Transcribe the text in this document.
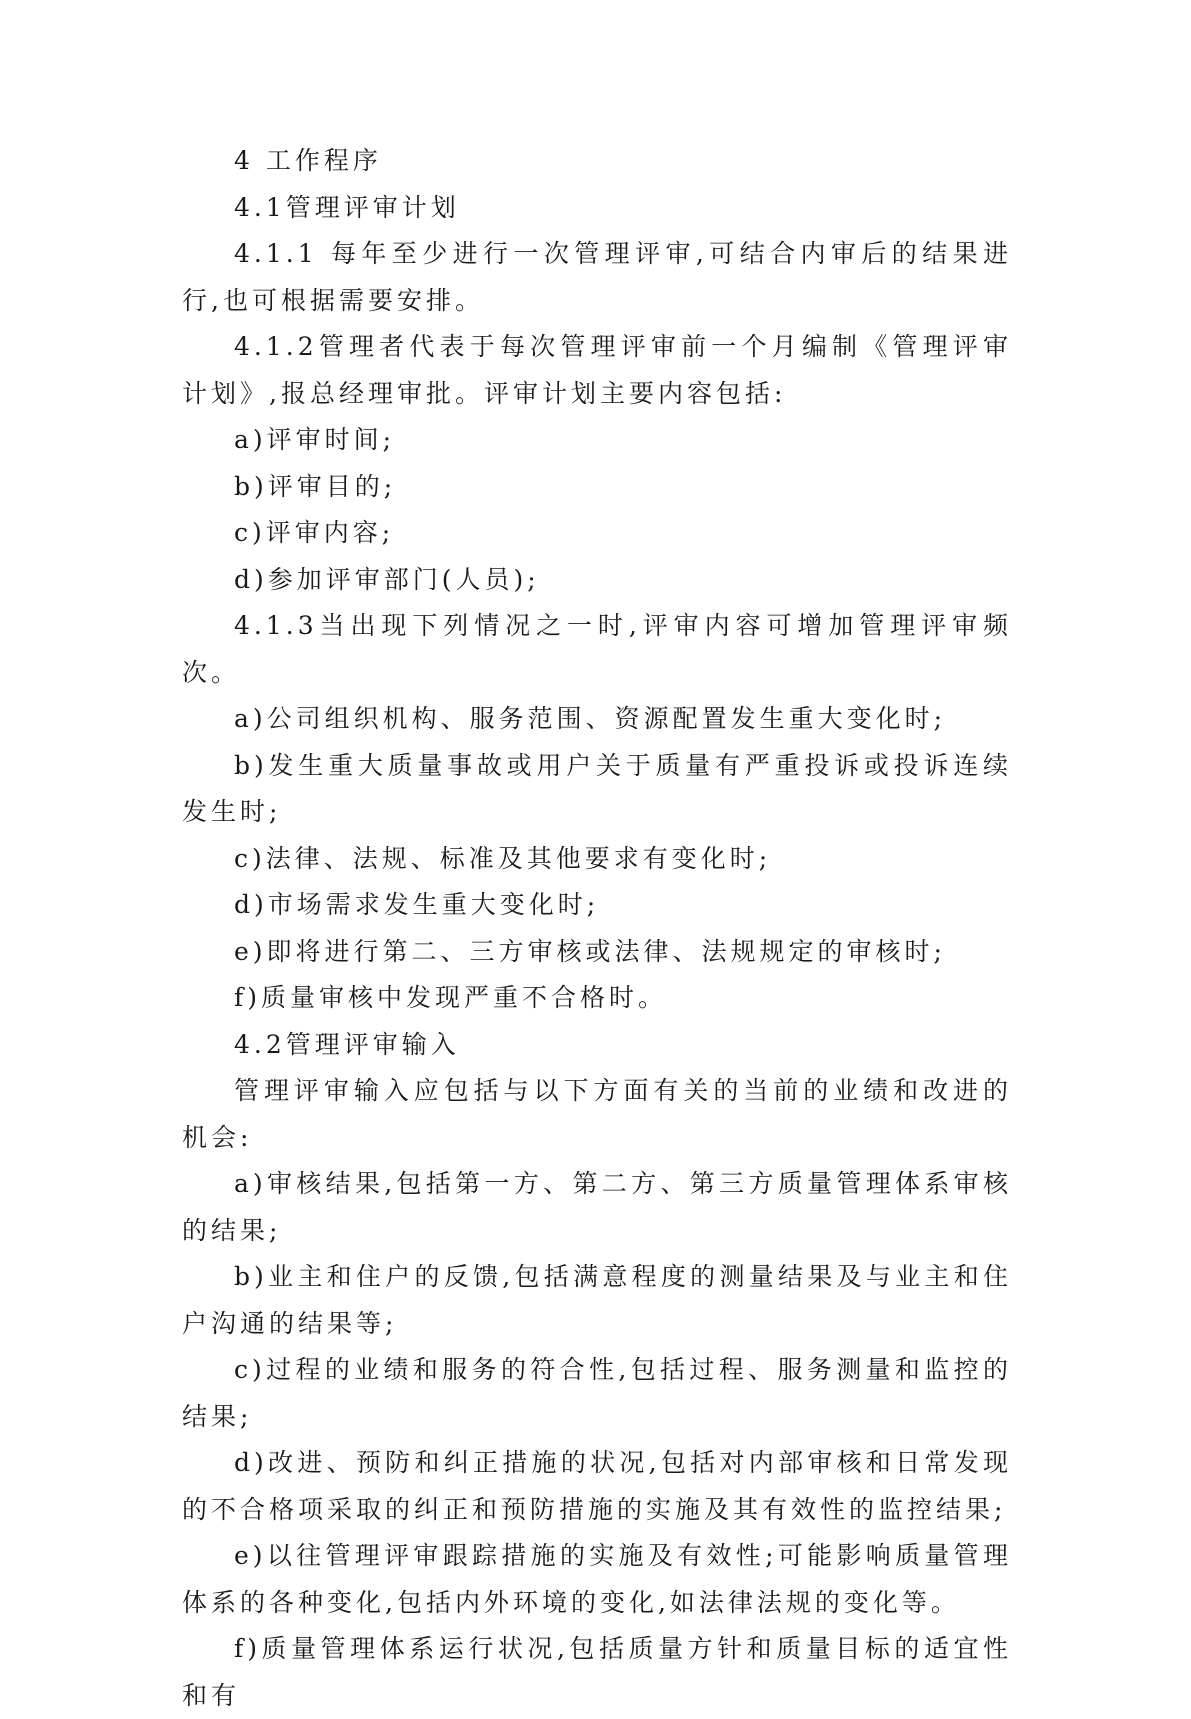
4 工作程序

4.1管理评审计划

4.1.1 每年至少进行一次管理评审,可结合内审后的结果进行,也可根据需要安排。

4.1.2管理者代表于每次管理评审前一个月编制《管理评审计划》,报总经理审批。评审计划主要内容包括:

a)评审时间;

b)评审目的;

c)评审内容;

d)参加评审部门(人员);

4.1.3当出现下列情况之一时,评审内容可增加管理评审频次。

a)公司组织机构、服务范围、资源配置发生重大变化时;

b)发生重大质量事故或用户关于质量有严重投诉或投诉连续发生时;

c)法律、法规、标准及其他要求有变化时;

d)市场需求发生重大变化时;

e)即将进行第二、三方审核或法律、法规规定的审核时;

f)质量审核中发现严重不合格时。

4.2管理评审输入

管理评审输入应包括与以下方面有关的当前的业绩和改进的机会:

a)审核结果,包括第一方、第二方、第三方质量管理体系审核的结果;

b)业主和住户的反馈,包括满意程度的测量结果及与业主和住户沟通的结果等;

c)过程的业绩和服务的符合性,包括过程、服务测量和监控的结果;

d)改进、预防和纠正措施的状况,包括对内部审核和日常发现的不合格项采取的纠正和预防措施的实施及其有效性的监控结果;

e)以往管理评审跟踪措施的实施及有效性;可能影响质量管理体系的各种变化,包括内外环境的变化,如法律法规的变化等。

f)质量管理体系运行状况,包括质量方针和质量目标的适宜性和有
